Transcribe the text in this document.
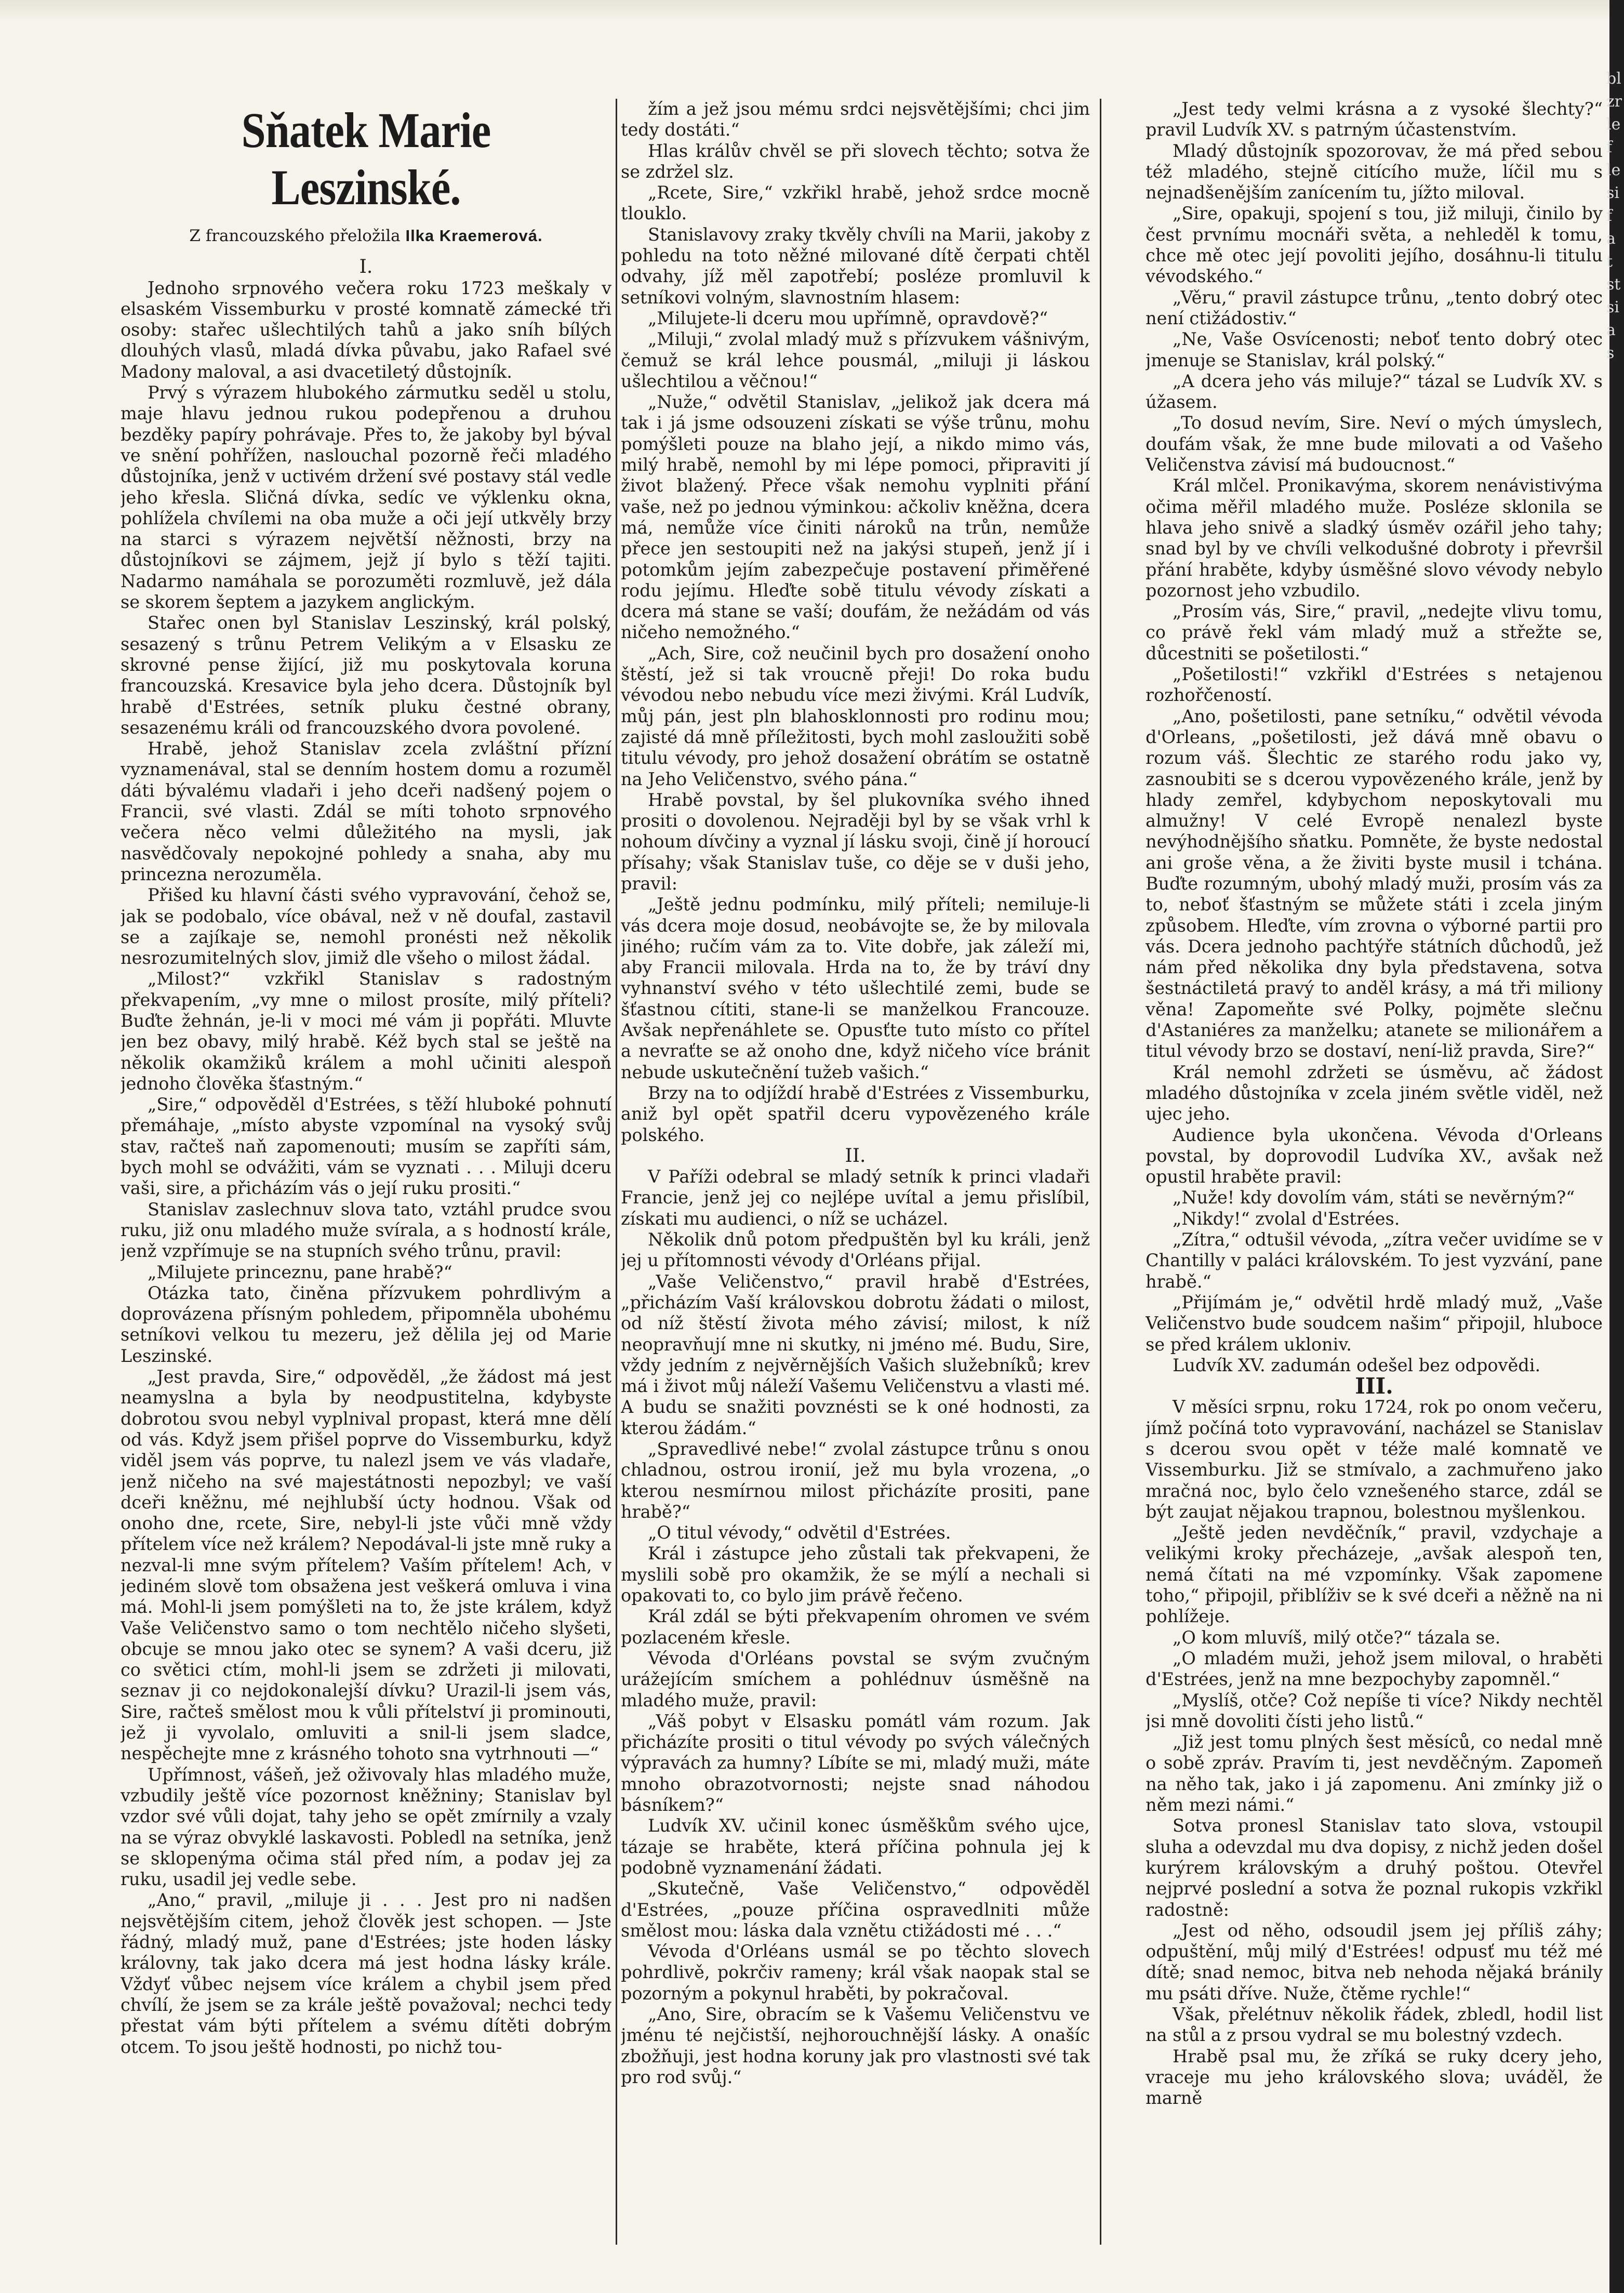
Sňatek Marie Leszinské.
Z francouzského přeložila Ilka Kraemerová.

I.

Jednoho srpnového večera roku 1723 meškaly v elsaském Vissemburku v prosté komnatě zámecké tři osoby: stařec ušlechtilých tahů a jako sníh bílých dlouhých vlasů, mladá dívka půvabu, jako Rafael své Madony maloval, a asi dvacetiletý důstojník.

Prvý s výrazem hlubokého zármutku seděl u stolu, maje hlavu jednou rukou podepřenou a druhou bezděky papíry pohrávaje. Přes to, že jakoby byl býval ve snění pohřížen, naslouchal pozorně řeči mladého důstojníka, jenž v uctivém držení své postavy stál vedle jeho křesla. Sličná dívka, sedíc ve výklenku okna, pohlížela chvílemi na oba muže a oči její utkvěly brzy na starci s výrazem největší něžnosti, brzy na důstojníkovi se zájmem, jejž jí bylo s těží tajiti. Nadarmo namáhala se porozuměti rozmluvě, jež dála se skorem šeptem a jazykem anglickým.

Stařec onen byl Stanislav Leszinský, král polský, sesazený s trůnu Petrem Velikým a v Elsasku ze skrovné pense žijící, již mu poskytovala koruna francouzská. Kresavice byla jeho dcera. Důstojník byl hrabě d'Estrées, setník pluku čestné obrany, sesazenému králi od francouzského dvora povolené.

Hrabě, jehož Stanislav zcela zvláštní přízní vyznamenával, stal se denním hostem domu a rozuměl dáti bývalému vladaři i jeho dceři nadšený pojem o Francii, své vlasti. Zdál se míti tohoto srpnového večera něco velmi důležitého na mysli, jak nasvědčovaly nepokojné pohledy a snaha, aby mu princezna nerozuměla.

Přišed ku hlavní části svého vypravování, čehož se, jak se podobalo, více obával, než v ně doufal, zastavil se a zajíkaje se, nemohl pronésti než několik nesrozumitelných slov, jimiž dle všeho o milost žádal.

„Milost?“ vzkřikl Stanislav s radostným překvapením, „vy mne o milost prosíte, milý příteli? Buďte žehnán, je-li v moci mé vám ji popřáti. Mluvte jen bez obavy, milý hrabě. Kéž bych stal se ještě na několik okamžiků králem a mohl učiniti alespoň jednoho člověka šťastným.“

„Sire,“ odpověděl d'Estrées, s těží hluboké pohnutí přemáhaje, „místo abyste vzpomínal na vysoký svůj stav, račteš naň zapomenouti; musím se zapříti sám, bych mohl se odvážiti, vám se vyznati . . . Miluji dceru vaši, sire, a přicházím vás o její ruku prositi.“

Stanislav zaslechnuv slova tato, vztáhl prudce svou ruku, již onu mladého muže svírala, a s hodností krále, jenž vzpřímuje se na stupních svého trůnu, pravil:

„Milujete princeznu, pane hrabě?“

Otázka tato, činěna přízvukem pohrdlivým a doprovázena přísným pohledem, připomněla ubohému setníkovi velkou tu mezeru, jež dělila jej od Marie Leszinské.

„Jest pravda, Sire,“ odpověděl, „že žádost má jest neamyslna a byla by neodpustitelna, kdybyste dobrotou svou nebyl vyplnival propast, která mne dělí od vás. Když jsem přišel poprve do Vissemburku, když viděl jsem vás poprve, tu nalezl jsem ve vás vladaře, jenž ničeho na své majestátnosti nepozbyl; ve vaší dceři kněžnu, mé nejhlubší úcty hodnou. Však od onoho dne, rcete, Sire, nebyl-li jste vůči mně vždy přítelem více než králem? Nepodával-li jste mně ruky a nezval-li mne svým přítelem? Vaším přítelem! Ach, v jediném slově tom obsažena jest veškerá omluva i vina má. Mohl-li jsem pomýšleti na to, že jste králem, když Vaše Veličenstvo samo o tom nechtělo ničeho slyšeti, obcuje se mnou jako otec se synem? A vaši dceru, již co světici ctím, mohl-li jsem se zdržeti ji milovati, seznav ji co nejdokonalejší dívku? Urazil-li jsem vás, Sire, račteš smělost mou k vůli přítelství ji prominouti, jež ji vyvolalo, omluviti a snil-li jsem sladce, nespěchejte mne z krásného tohoto sna vytrhnouti —“

Upřímnost, vášeň, jež oživovaly hlas mladého muže, vzbudily ještě více pozornost kněžniny; Stanislav byl vzdor své vůli dojat, tahy jeho se opět zmírnily a vzaly na se výraz obvyklé laskavosti. Pobledl na setníka, jenž se sklopenýma očima stál před ním, a podav jej za ruku, usadil jej vedle sebe.

„Ano,“ pravil, „miluje ji . . . Jest pro ni nadšen nejsvětějším citem, jehož člověk jest schopen. — Jste řádný, mladý muž, pane d'Estrées; jste hoden lásky královny, tak jako dcera má jest hodna lásky krále. Vždyť vůbec nejsem více králem a chybil jsem před chvílí, že jsem se za krále ještě považoval; nechci tedy přestat vám býti přítelem a svému dítěti dobrým otcem. To jsou ještě hodnosti, po nichž tou-

žím a jež jsou mému srdci nejsvětějšími; chci jim tedy dostáti.“

Hlas králův chvěl se při slovech těchto; sotva že se zdržel slz.

„Rcete, Sire,“ vzkřikl hrabě, jehož srdce mocně tlouklo.

Stanislavovy zraky tkvěly chvíli na Marii, jakoby z pohledu na toto něžné milované dítě čerpati chtěl odvahy, jíž měl zapotřebí; posléze promluvil k setníkovi volným, slavnostním hlasem:

„Milujete-li dceru mou upřímně, opravdově?“

„Miluji,“ zvolal mladý muž s přízvukem vášnivým, čemuž se král lehce pousmál, „miluji ji láskou ušlechtilou a věčnou!“

„Nuže,“ odvětil Stanislav, „jelikož jak dcera má tak i já jsme odsouzeni získati se výše trůnu, mohu pomýšleti pouze na blaho její, a nikdo mimo vás, milý hrabě, nemohl by mi lépe pomoci, připraviti jí život blažený. Přece však nemohu vyplniti přání vaše, než po jednou výminkou: ačkoliv kněžna, dcera má, nemůže více činiti nároků na trůn, nemůže přece jen sestoupiti než na jakýsi stupeň, jenž jí i potomkům jejím zabezpečuje postavení přiměřené rodu jejímu. Hleďte sobě titulu vévody získati a dcera má stane se vaší; doufám, že nežádám od vás ničeho nemožného.“

„Ach, Sire, což neučinil bych pro dosažení onoho štěstí, jež si tak vroucně přeji! Do roka budu vévodou nebo nebudu více mezi živými. Král Ludvík, můj pán, jest pln blahosklonnosti pro rodinu mou; zajisté dá mně příležitosti, bych mohl zasloužiti sobě titulu vévody, pro jehož dosažení obrátím se ostatně na Jeho Veličenstvo, svého pána.“

Hrabě povstal, by šel plukovníka svého ihned prositi o dovolenou. Nejraději byl by se však vrhl k nohoum dívčiny a vyznal jí lásku svoji, čině jí horoucí přísahy; však Stanislav tuše, co děje se v duši jeho, pravil:

„Ještě jednu podmínku, milý příteli; nemiluje-li vás dcera moje dosud, neobávojte se, že by milovala jiného; ručím vám za to. Vite dobře, jak záleží mi, aby Francii milovala. Hrda na to, že by tráví dny vyhnanství svého v této ušlechtilé zemi, bude se šťastnou cítiti, stane-li se manželkou Francouze. Avšak nepřenáhlete se. Opusťte tuto místo co přítel a nevraťte se až onoho dne, když ničeho více bránit nebude uskutečnění tužeb vašich.“

Brzy na to odjíždí hrabě d'Estrées z Vissemburku, aniž byl opět spatřil dceru vypovězeného krále polského.

II.

V Paříži odebral se mladý setník k princi vladaři Francie, jenž jej co nejlépe uvítal a jemu přislíbil, získati mu audienci, o níž se ucházel.

Několik dnů potom předpuštěn byl ku králi, jenž jej u přítomnosti vévody d'Orléans přijal.

„Vaše Veličenstvo,“ pravil hrabě d'Estrées, „přicházím Vaší královskou dobrotu žádati o milost, od níž štěstí života mého závisí; milost, k níž neopravňují mne ni skutky, ni jméno mé. Budu, Sire, vždy jedním z nejvěrnějších Vašich služebníků; krev má i život můj náleží Vašemu Veličenstvu a vlasti mé. A budu se snažiti povznésti se k oné hodnosti, za kterou žádám.“

„Spravedlivé nebe!“ zvolal zástupce trůnu s onou chladnou, ostrou ironií, jež mu byla vrozena, „o kterou nesmírnou milost přicházíte prositi, pane hrabě?“

„O titul vévody,“ odvětil d'Estrées.

Král i zástupce jeho zůstali tak překvapeni, že myslili sobě pro okamžik, že se mýlí a nechali si opakovati to, co bylo jim právě řečeno.

Král zdál se býti překvapením ohromen ve svém pozlaceném křesle.

Vévoda d'Orléans povstal se svým zvučným urážejícím smíchem a pohlédnuv úsměšně na mladého muže, pravil:

„Váš pobyt v Elsasku pomátl vám rozum. Jak přicházíte prositi o titul vévody po svých válečných výpravách za humny? Líbíte se mi, mladý muži, máte mnoho obrazotvornosti; nejste snad náhodou básníkem?“

Ludvík XV. učinil konec úsměškům svého ujce, tázaje se hraběte, která příčina pohnula jej k podobně vyznamenání žádati.

„Skutečně, Vaše Veličenstvo,“ odpověděl d'Estrées, „pouze příčina ospravedlniti může smělost mou: láska dala vznětu ctižádosti mé . . .“

Vévoda d'Orléans usmál se po těchto slovech pohrdlivě, pokrčiv rameny; král však naopak stal se pozorným a pokynul hraběti, by pokračoval.

„Ano, Sire, obracím se k Vašemu Veličenstvu ve jménu té nejčistší, nejhorouchnější lásky. A onašíc zbožňuji, jest hodna koruny jak pro vlastnosti své tak pro rod svůj.“

„Jest tedy velmi krásna a z vysoké šlechty?“ pravil Ludvík XV. s patrným účastenstvím.

Mladý důstojník spozorovav, že má před sebou též mladého, stejně citícího muže, líčil mu s nejnadšenějším zanícením tu, jížto miloval.

„Sire, opakuji, spojení s tou, již miluji, činilo by čest prvnímu mocnáři světa, a nehleděl k tomu, chce mě otec její povoliti jejího, dosáhnu-li titulu vévodského.“

„Věru,“ pravil zástupce trůnu, „tento dobrý otec není ctižádostiv.“

„Ne, Vaše Osvícenosti; neboť tento dobrý otec jmenuje se Stanislav, král polský.“

„A dcera jeho vás miluje?“ tázal se Ludvík XV. s úžasem.

„To dosud nevím, Sire. Neví o mých úmyslech, doufám však, že mne bude milovati a od Vašeho Veličenstva závisí má budoucnost.“

Král mlčel. Pronikavýma, skorem nenávistivýma očima měřil mladého muže. Posléze sklonila se hlava jeho snivě a sladký úsměv ozářil jeho tahy; snad byl by ve chvíli velkodušné dobroty i převršil přání hraběte, kdyby úsměšné slovo vévody nebylo pozornost jeho vzbudilo.

„Prosím vás, Sire,“ pravil, „nedejte vlivu tomu, co právě řekl vám mladý muž a střežte se, důcestniti se pošetilosti.“

„Pošetilosti!“ vzkřikl d'Estrées s netajenou rozhořčeností.

„Ano, pošetilosti, pane setníku,“ odvětil vévoda d'Orleans, „pošetilosti, jež dává mně obavu o rozum váš. Šlechtic ze starého rodu jako vy, zasnoubiti se s dcerou vypovězeného krále, jenž by hlady zemřel, kdybychom neposkytovali mu almužny! V celé Evropě nenalezl byste nevýhodnějšího sňatku. Pomněte, že byste nedostal ani groše věna, a že živiti byste musil i tchána. Buďte rozumným, ubohý mladý muži, prosím vás za to, neboť šťastným se můžete státi i zcela jiným způsobem. Hleďte, vím zrovna o výborné partii pro vás. Dcera jednoho pachtýře státních důchodů, jež nám před několika dny byla představena, sotva šestnáctiletá pravý to anděl krásy, a má tři miliony věna! Zapomeňte své Polky, pojměte slečnu d'Astaniéres za manželku; atanete se milionářem a titul vévody brzo se dostaví, není-liž pravda, Sire?“

Král nemohl zdržeti se úsměvu, ač žádost mladého důstojníka v zcela jiném světle viděl, než ujec jeho.

Audience byla ukončena. Vévoda d'Orleans povstal, by doprovodil Ludvíka XV., avšak než opustil hraběte pravil:

„Nuže! kdy dovolím vám, státi se nevěrným?“

„Nikdy!“ zvolal d'Estrées.

„Zítra,“ odtušil vévoda, „zítra večer uvidíme se v Chantilly v paláci královském. To jest vyzvání, pane hrabě.“

„Přijímám je,“ odvětil hrdě mladý muž, „Vaše Veličenstvo bude soudcem našim“ připojil, hluboce se před králem ukloniv.

Ludvík XV. zadumán odešel bez odpovědi.

III.

V měsíci srpnu, roku 1724, rok po onom večeru, jímž počíná toto vypravování, nacházel se Stanislav s dcerou svou opět v téže malé komnatě ve Vissemburku. Již se stmívalo, a zachmuřeno jako mračná noc, bylo čelo vznešeného starce, zdál se být zaujat nějakou trapnou, bolestnou myšlenkou.

„Ještě jeden nevděčník,“ pravil, vzdychaje a velikými kroky přecházeje, „avšak alespoň ten, nemá čítati na mé vzpomínky. Však zapomene toho,“ připojil, přiblíživ se k své dceři a něžně na ni pohlížeje.

„O kom mluvíš, milý otče?“ tázala se.

„O mladém muži, jehož jsem miloval, o hraběti d'Estrées, jenž na mne bezpochyby zapomněl.“

„Myslíš, otče? Což nepíše ti více? Nikdy nechtěl jsi mně dovoliti čísti jeho listů.“

„Již jest tomu plných šest měsíců, co nedal mně o sobě zpráv. Pravím ti, jest nevděčným. Zapomeň na něho tak, jako i já zapomenu. Ani zmínky již o něm mezi námi.“

Sotva pronesl Stanislav tato slova, vstoupil sluha a odevzdal mu dva dopisy, z nichž jeden došel kurýrem královským a druhý poštou. Otevřel nejprvé poslední a sotva že poznal rukopis vzkřikl radostně:

„Jest od něho, odsoudil jsem jej příliš záhy; odpuštění, můj milý d'Estrées! odpusť mu též mé dítě; snad nemoc, bitva neb nehoda nějaká bránily mu psáti dříve. Nuže, čtěme rychle!“

Však, přelétnuv několik řádek, zbledl, hodil list na stůl a z prsou vydral se mu bolestný vzdech.

Hrabě psal mu, že zříká se ruky dcery jeho, vraceje mu jeho královského slova; uváděl, že marně

bl zr le f le si f a t st si a s
